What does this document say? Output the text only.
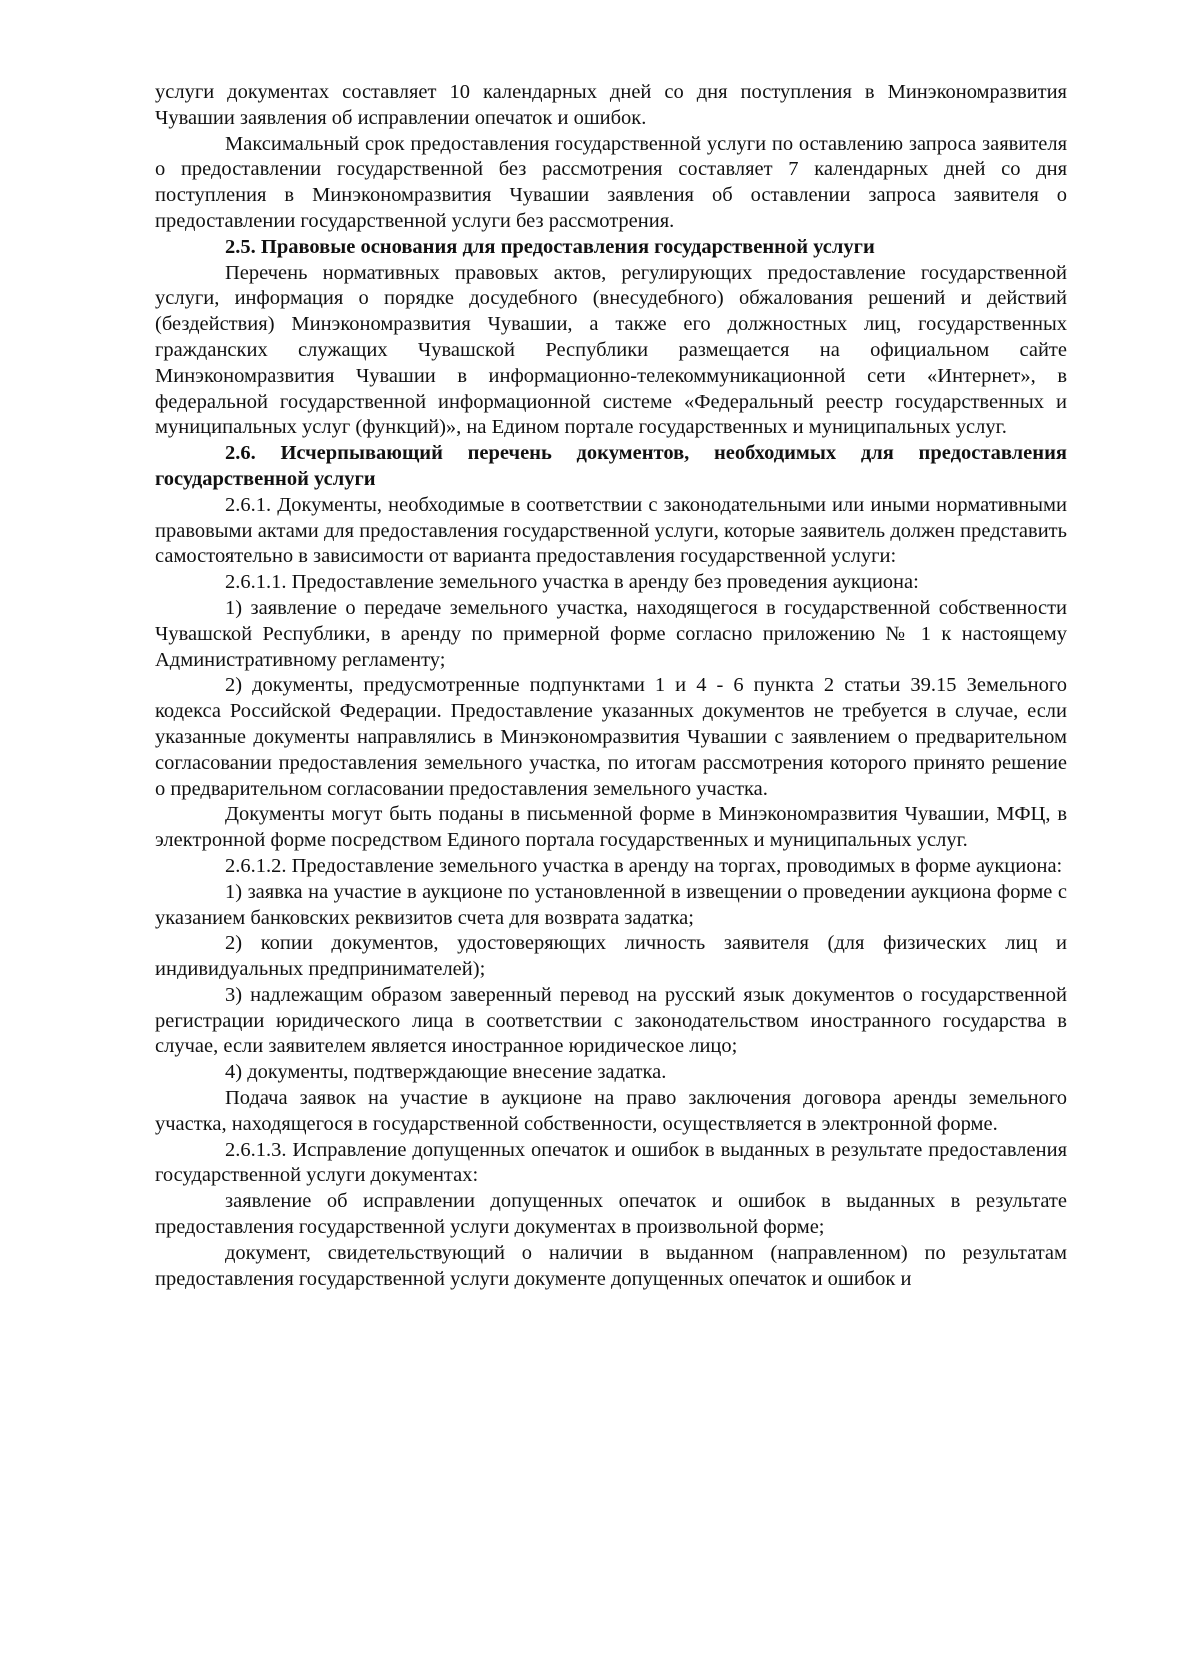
услуги документах составляет 10 календарных дней со дня поступления в Минэкономразвития Чувашии заявления об исправлении опечаток и ошибок.

Максимальный срок предоставления государственной услуги по оставлению запроса заявителя о предоставлении государственной без рассмотрения составляет 7 календарных дней со дня поступления в Минэкономразвития Чувашии заявления об оставлении запроса заявителя о предоставлении государственной услуги без рассмотрения.

2.5. Правовые основания для предоставления государственной услуги

Перечень нормативных правовых актов, регулирующих предоставление государственной услуги, информация о порядке досудебного (внесудебного) обжалования решений и действий (бездействия) Минэкономразвития Чувашии, а также его должностных лиц, государственных гражданских служащих Чувашской Республики размещается на официальном сайте Минэкономразвития Чувашии в информационно-телекоммуникационной сети «Интернет», в федеральной государственной информационной системе «Федеральный реестр государственных и муниципальных услуг (функций)», на Едином портале государственных и муниципальных услуг.

2.6. Исчерпывающий перечень документов, необходимых для предоставления государственной услуги

2.6.1. Документы, необходимые в соответствии с законодательными или иными нормативными правовыми актами для предоставления государственной услуги, которые заявитель должен представить самостоятельно в зависимости от варианта предоставления государственной услуги:

2.6.1.1. Предоставление земельного участка в аренду без проведения аукциона:

1) заявление о передаче земельного участка, находящегося в государственной собственности Чувашской Республики, в аренду по примерной форме согласно приложению № 1 к настоящему Административному регламенту;

2) документы, предусмотренные подпунктами 1 и 4 - 6 пункта 2 статьи 39.15 Земельного кодекса Российской Федерации. Предоставление указанных документов не требуется в случае, если указанные документы направлялись в Минэкономразвития Чувашии с заявлением о предварительном согласовании предоставления земельного участка, по итогам рассмотрения которого принято решение о предварительном согласовании предоставления земельного участка.

Документы могут быть поданы в письменной форме в Минэкономразвития Чувашии, МФЦ, в электронной форме посредством Единого портала государственных и муниципальных услуг.

2.6.1.2. Предоставление земельного участка в аренду на торгах, проводимых в форме аукциона:

1) заявка на участие в аукционе по установленной в извещении о проведении аукциона форме с указанием банковских реквизитов счета для возврата задатка;

2) копии документов, удостоверяющих личность заявителя (для физических лиц и индивидуальных предпринимателей);

3) надлежащим образом заверенный перевод на русский язык документов о государственной регистрации юридического лица в соответствии с законодательством иностранного государства в случае, если заявителем является иностранное юридическое лицо;

4) документы, подтверждающие внесение задатка.

Подача заявок на участие в аукционе на право заключения договора аренды земельного участка, находящегося в государственной собственности, осуществляется в электронной форме.

2.6.1.3. Исправление допущенных опечаток и ошибок в выданных в результате предоставления государственной услуги документах:

заявление об исправлении допущенных опечаток и ошибок в выданных в результате предоставления государственной услуги документах в произвольной форме;

документ, свидетельствующий о наличии в выданном (направленном) по результатам предоставления государственной услуги документе допущенных опечаток и ошибок и
